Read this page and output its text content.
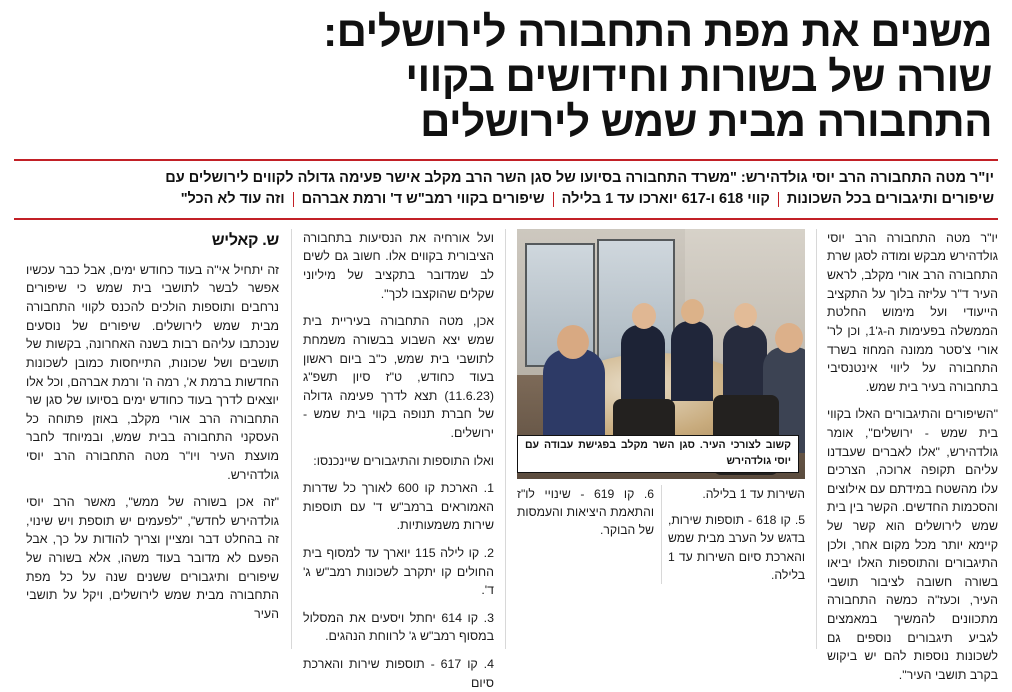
משנים את מפת התחבורה לירושלים:
שורה של בשורות וחידושים בקווי
התחבורה מבית שמש לירושלים
יו"ר מטה התחבורה הרב יוסי גולדהירש: "משרד התחבורה בסיועו של סגן השר הרב מקלב אישר פעימה גדולה לקווים לירושלים עם
שיפורים ותיגבורים בכל השכונות
קווי 618 ו-617 יוארכו עד 1 בלילה
שיפורים בקווי רמב"ש ד' ורמת אברהם
וזה עוד לא הכל"

יו"ר מטה התחבורה הרב יוסי גולדהירש מבקש ומודה לסגן שרת התחבורה הרב אורי מקלב, לראש העיר ד"ר עליזה בלוך על התקציב הייעודי ועל מימוש החלטת הממשלה בפעימות ה-ג'1, וכן לר' אורי צ'סטר ממונה המחוז בשרד התחבורה על ליווי אינטנסיבי בתחבורה בעיר בית שמש.

"השיפורים והתיגבורים האלו בקווי בית שמש - ירושלים", אומר גולדהירש, "אלו לאברים שעבדנו עליהם תקופה ארוכה, הצרכים עלו מהשטח במידתם עם אילוצים והסכמות החדשים. הקשר בין בית שמש לירושלים הוא קשר של קיימא יותר מכל מקום אחר, ולכן התיגבורים והתוספות האלו יביאו בשורה חשובה לציבור תושבי העיר, וכעז"ה כמשה התחבורה מתכוונים להמשיך במאמצים לגביע תיגבורים נוספים גם לשכונות נוספות להם יש ביקוש בקרב תושבי העיר".

קשוב לצורכי העיר. סגן השר מקלב בפגישת עבודה עם יוסי גולדהירש

השירות עד 1 בלילה.

5. קו 618 - תוספות שירות, בדגש על הערב מבית שמש והארכת סיום השירות עד 1 בלילה.

6. קו 619 - שינויי לו"ז והתאמת היציאות והעמסות של הבוקר.

ועל אורחיה את הנסיעות בתחבורה הציבורית בקווים אלו. חשוב גם לשים לב שמדובר בתקציב של מיליוני שקלים שהוקצבו לכך".

אכן, מטה התחבורה בעיריית בית שמש יצא השבוע בבשורה משמחת לתושבי בית שמש, כ"ב ביום ראשון בעוד כחודש, ט"ז סיון תשפ"ג (11.6.23) תצא לדרך פעימה גדולה של חברת תנופה בקווי בית שמש - ירושלים.

ואלו התוספות והתיגבורים שיינכנסו:

1. הארכת קו 600 לאורך כל שדרות האמוראים ברמב"ש ד' עם תוספות שירות משמעותיות.

2. קו לילה 115 יוארך עד למסוף בית החולים קו יתקרב לשכונות רמב"ש ג' ד'.

3. קו 614 יחתל ויסעים את המסלול במסוף רמב"ש ג' לרווחת הנהגים.

4. קו 617 - תוספות שירות והארכת סיום

ש. קאליש

זה יתחיל אי"ה בעוד כחודש ימים, אבל כבר עכשיו אפשר לבשר לתושבי בית שמש כי שיפורים נרחבים ותוספות הולכים להכנס לקווי התחבורה מבית שמש לירושלים. שיפורים של נוסעים שנכתבו עליהם רבות בשנה האחרונה, בקשות של תושבים ושל שכונות, התייחסות כמובן לשכונות החדשות ברמת א', רמה ה' ורמת אברהם, וכל אלו יוצאים לדרך בעוד כחודש ימים בסיועו של סגן שר התחבורה הרב אורי מקלב, באוזן פתוחה כל העסקני התחבורה בבית שמש, ובמיוחד לחבר מועצת העיר ויו"ר מטה התחבורה הרב יוסי גולדהירש.

"זה אכן בשורה של ממש", מאשר הרב יוסי גולדהירש לחדש", "לפעמים יש תוספת ויש שינוי, זה בהחלט דבר ומציין וצריך להודות על כך, אבל הפעם לא מדובר בעוד משהו, אלא בשורה של שיפורים ותיגבורים ששנים שנה על כל מפת התחבורה מבית שמש לירושלים, ויקל על תושבי העיר
